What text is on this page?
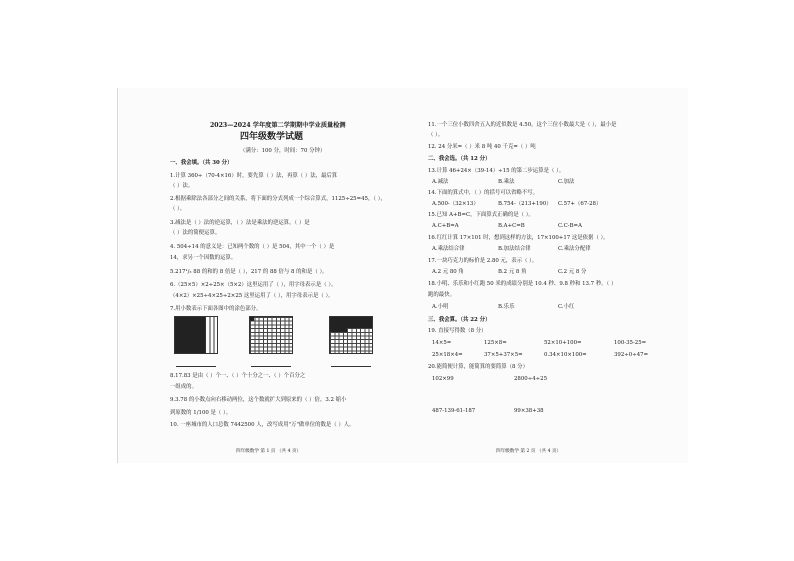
2023—2024 学年度第二学期期中学业质量检测
四年级数学试题
（满分：100 分，时间：70 分钟）
一、我会填。（共 30 分）
1.计算 360÷（70-4×16）时，要先算（ ）法，再算（ ）法，最后算
（ ）法。
2.根据乘除法各部分之间的关系，将下面的分式列成一个综合算式，1125÷25=45，（ ），
（ ）。
3.减法是（ ）法的逆运算，（ ）法是乘法的逆运算，（ ）是
（ ）法的简便运算。
4. 504÷14 的意义是：已知两个数的（ ）是 504，其中一个（ ）是
14，求另一个因数的运算。
5.217¹/₃ 88 的和的 8 倍是（ ），217 的 88 倍与 8 的和是（ ）。
6.（25×5）×2÷25×（5×2）这里运用了（ ），用字母表示是（ ）。
（4×2）×25÷4×25÷2×25 这里运用了（ ），用字母表示是（ ）。
7.用小数表示下面各图中的涂色部分。
8.17.83 是由（ ）个一、（ ）个十分之一、（ ）个百分之
一组成的。
9.3.78 的小数点向右移动两位，这个数就扩大到原来的（ ）倍，3.2 缩小
到原数的 1/100 是（ ）。
10. 一座城市的人口总数 7442500 人，改写成用"万"做单位的数是（ ）人。
四年级数学 第 1 页 （共 4 页）
11.一个三位小数四舍五入的近似数是 4.50，这个三位小数最大是（ ），最小是
（ ）。
12. 24 分米=（ ）米 8 吨 40 千克=（ ）吨
二、我会选。（共 12 分）
13.计算 46+24×（39-14）÷15 的第二步运算是（ ）。
A.减法	B.乘法	C.加法
14.下面的算式中，（ ）的括号可以省略不写。
A.500-（32×13）	B.754-（213+190） C.57+（67-28）
15.已知 A+B=C，下面算式正确的是（ ）。
A.C+B=A	B.A+C=B	C.C-B=A
16.红红计算 17×101 时，想到这样的方法，17×100+17 这是依据（ ）。
A.乘法结合律	B.加法结合律	C.乘法分配律
17.一块巧克力的标价是 2.80 元，表示（ ）。
A.2 元 80 角	B.2 元 8 角	C.2 元 8 分
18.小明、乐乐和小红跑 50 米的成绩分别是 10.4 秒、9.8 秒和 13.7 秒。（ ）
跑的最快。
A.小明	B.乐乐	C.小红
三、我会算。（共 22 分）
19. 直接写得数（8 分）
14×5=	125×8=	52×10+100=	100-35-25=
25×18×4=	37×5+37×5=	0.34×10×100=	392÷0÷47=
20.能简便计算，能简算的要简算（8 分）
102×99	2800÷4÷25
487-139-61-187	99×38+38
四年级数学 第 2 页 （共 4 页）
